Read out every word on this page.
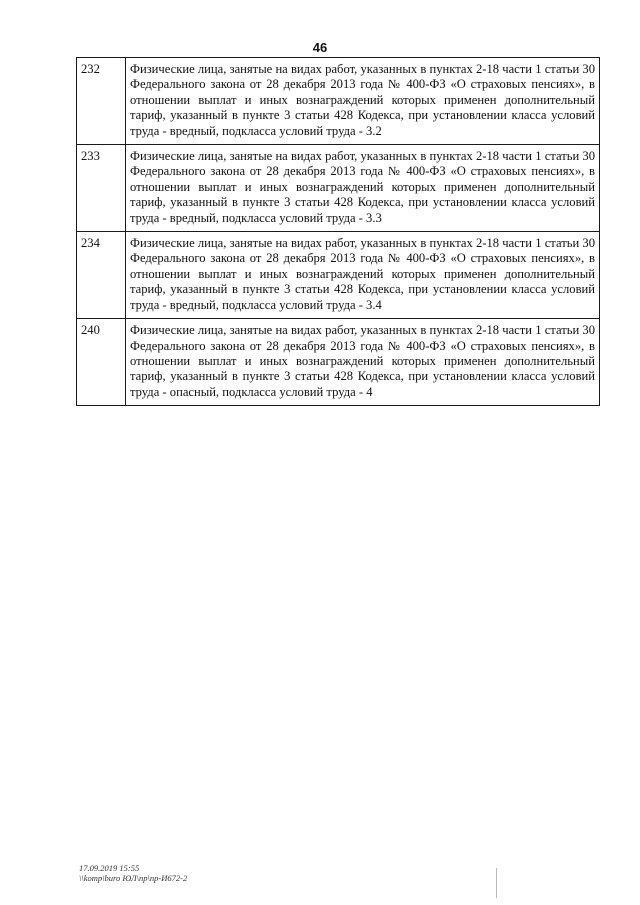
46
232	Физические лица, занятые на видах работ, указанных в пунктах 2-18 части 1 статьи 30 Федерального закона от 28 декабря 2013 года № 400-ФЗ «О страховых пенсиях», в отношении выплат и иных вознаграждений которых применен дополнительный тариф, указанный в пункте 3 статьи 428 Кодекса, при установлении класса условий труда - вредный, подкласса условий труда - 3.2
233	Физические лица, занятые на видах работ, указанных в пунктах 2-18 части 1 статьи 30 Федерального закона от 28 декабря 2013 года № 400-ФЗ «О страховых пенсиях», в отношении выплат и иных вознаграждений которых применен дополнительный тариф, указанный в пункте 3 статьи 428 Кодекса, при установлении класса условий труда - вредный, подкласса условий труда - 3.3
234	Физические лица, занятые на видах работ, указанных в пунктах 2-18 части 1 статьи 30 Федерального закона от 28 декабря 2013 года № 400-ФЗ «О страховых пенсиях», в отношении выплат и иных вознаграждений которых применен дополнительный тариф, указанный в пункте 3 статьи 428 Кодекса, при установлении класса условий труда - вредный, подкласса условий труда - 3.4
240	Физические лица, занятые на видах работ, указанных в пунктах 2-18 части 1 статьи 30 Федерального закона от 28 декабря 2013 года № 400-ФЗ «О страховых пенсиях», в отношении выплат и иных вознаграждений которых применен дополнительный тариф, указанный в пункте 3 статьи 428 Кодекса, при установлении класса условий труда - опасный, подкласса условий труда - 4
17.09.2019 15:55
\\komp\buro ЮЛ\пр\пр-И672-2
